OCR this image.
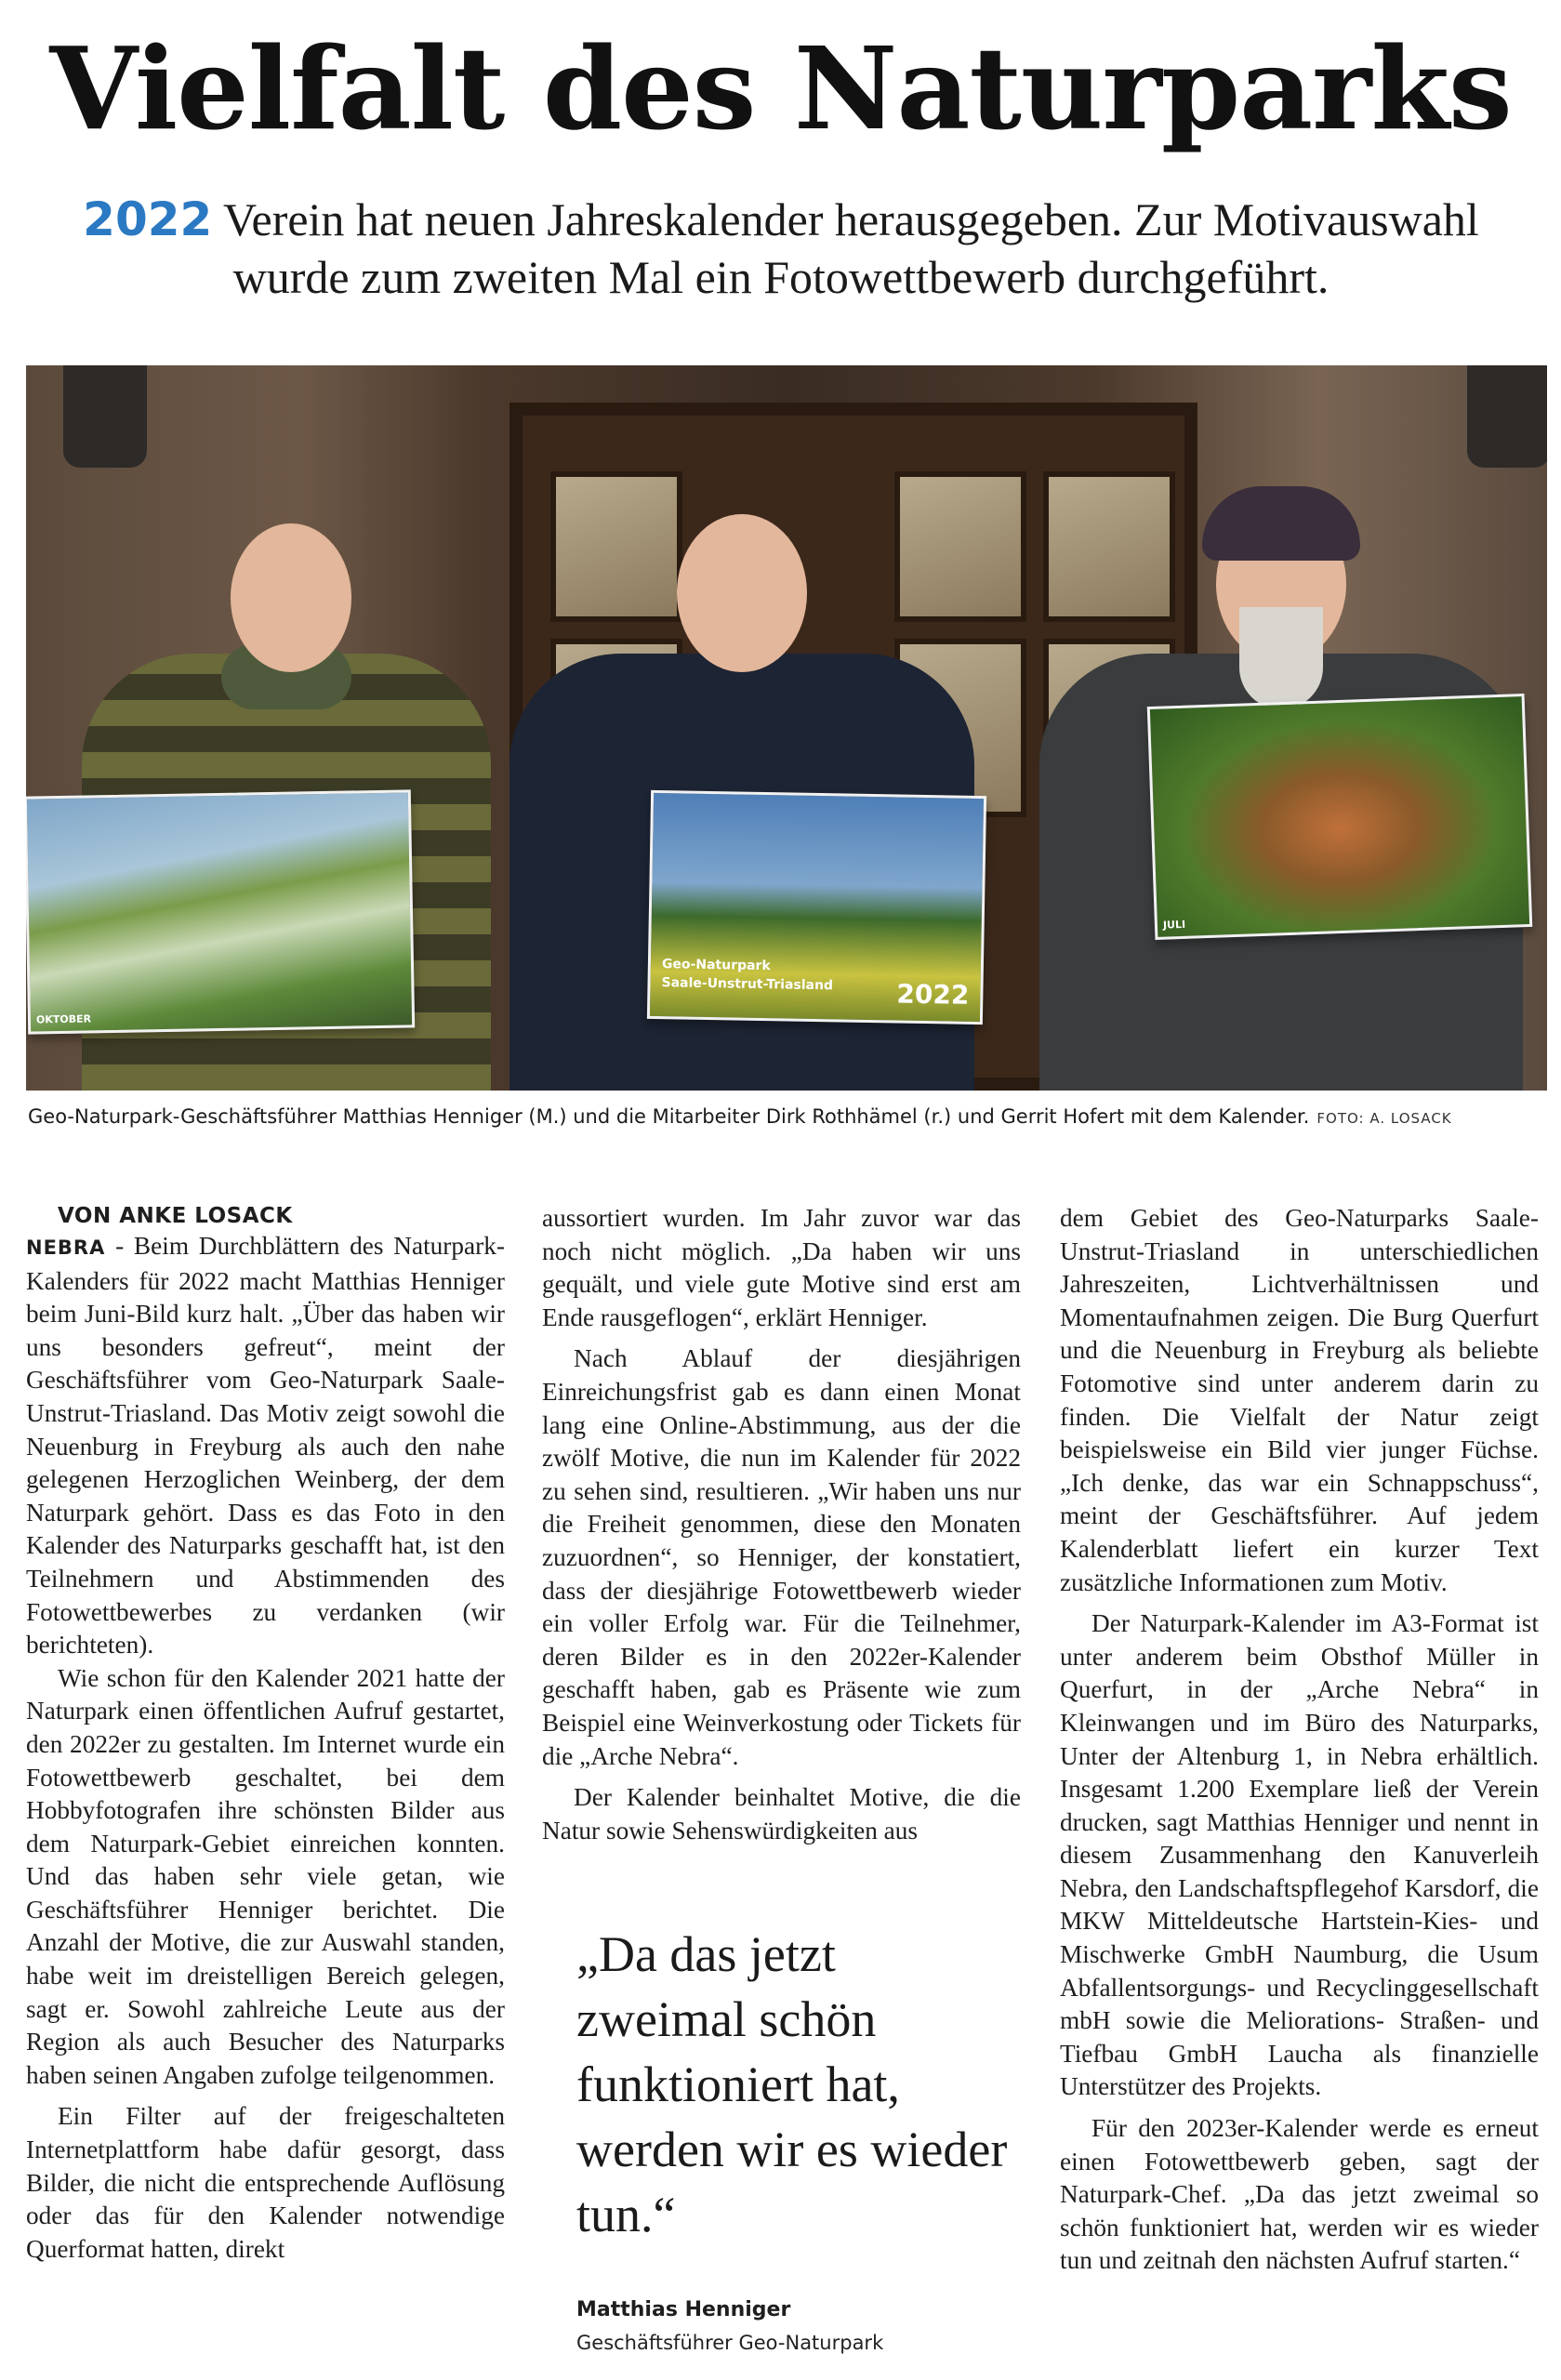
Vielfalt des Naturparks

2022 Verein hat neuen Jahreskalender herausgegeben. Zur Motivauswahl wurde zum zweiten Mal ein Fotowettbewerb durchgeführt.

OKTOBER
Geo-Naturpark
Saale-Unstrut-Triasland 2022
JULI

Geo-Naturpark-Geschäftsführer Matthias Henniger (M.) und die Mitarbeiter Dirk Rothhämel (r.) und Gerrit Hofert mit dem Kalender. FOTO: A. LOSACK

VON ANKE LOSACK

NEBRA - Beim Durchblättern des Naturpark-Kalenders für 2022 macht Matthias Henniger beim Juni-Bild kurz halt. „Über das haben wir uns besonders gefreut“, meint der Geschäftsführer vom Geo-Naturpark Saale-Unstrut-Triasland. Das Motiv zeigt sowohl die Neuenburg in Freyburg als auch den nahe gelegenen Herzoglichen Weinberg, der dem Naturpark gehört. Dass es das Foto in den Kalender des Naturparks geschafft hat, ist den Teilnehmern und Abstimmenden des Fotowettbewerbes zu verdanken (wir berichteten).

Wie schon für den Kalender 2021 hatte der Naturpark einen öffentlichen Aufruf gestartet, den 2022er zu gestalten. Im Internet wurde ein Fotowettbewerb geschaltet, bei dem Hobbyfotografen ihre schönsten Bilder aus dem Naturpark-Gebiet einreichen konnten. Und das haben sehr viele getan, wie Geschäftsführer Henniger berichtet. Die Anzahl der Motive, die zur Auswahl standen, habe weit im dreistelligen Bereich gelegen, sagt er. Sowohl zahlreiche Leute aus der Region als auch Besucher des Naturparks haben seinen Angaben zufolge teilgenommen.

Ein Filter auf der freigeschalteten Internetplattform habe dafür gesorgt, dass Bilder, die nicht die entsprechende Auflösung oder das für den Kalender notwendige Querformat hatten, direkt

aussortiert wurden. Im Jahr zuvor war das noch nicht möglich. „Da haben wir uns gequält, und viele gute Motive sind erst am Ende rausgeflogen“, erklärt Henniger.

Nach Ablauf der diesjährigen Einreichungsfrist gab es dann einen Monat lang eine Online-Abstimmung, aus der die zwölf Motive, die nun im Kalender für 2022 zu sehen sind, resultieren. „Wir haben uns nur die Freiheit genommen, diese den Monaten zuzuordnen“, so Henniger, der konstatiert, dass der diesjährige Fotowettbewerb wieder ein voller Erfolg war. Für die Teilnehmer, deren Bilder es in den 2022er-Kalender geschafft haben, gab es Präsente wie zum Beispiel eine Weinverkostung oder Tickets für die „Arche Nebra“.

Der Kalender beinhaltet Motive, die die Natur sowie Sehenswürdigkeiten aus

„Da das jetzt zweimal schön funktioniert hat, werden wir es wieder tun.“

Matthias Henniger

Geschäftsführer Geo-Naturpark

dem Gebiet des Geo-Naturparks Saale-Unstrut-Triasland in unterschiedlichen Jahreszeiten, Lichtverhältnissen und Momentaufnahmen zeigen. Die Burg Querfurt und die Neuenburg in Freyburg als beliebte Fotomotive sind unter anderem darin zu finden. Die Vielfalt der Natur zeigt beispielsweise ein Bild vier junger Füchse. „Ich denke, das war ein Schnappschuss“, meint der Geschäftsführer. Auf jedem Kalenderblatt liefert ein kurzer Text zusätzliche Informationen zum Motiv.

Der Naturpark-Kalender im A3-Format ist unter anderem beim Obsthof Müller in Querfurt, in der „Arche Nebra“ in Kleinwangen und im Büro des Naturparks, Unter der Altenburg 1, in Nebra erhältlich. Insgesamt 1.200 Exemplare ließ der Verein drucken, sagt Matthias Henniger und nennt in diesem Zusammenhang den Kanuverleih Nebra, den Landschaftspflegehof Karsdorf, die MKW Mitteldeutsche Hartstein-Kies- und Mischwerke GmbH Naumburg, die Usum Abfallentsorgungs- und Recyclinggesellschaft mbH sowie die Meliorations- Straßen- und Tiefbau GmbH Laucha als finanzielle Unterstützer des Projekts.

Für den 2023er-Kalender werde es erneut einen Fotowettbewerb geben, sagt der Naturpark-Chef. „Da das jetzt zweimal so schön funktioniert hat, werden wir es wieder tun und zeitnah den nächsten Aufruf starten.“
